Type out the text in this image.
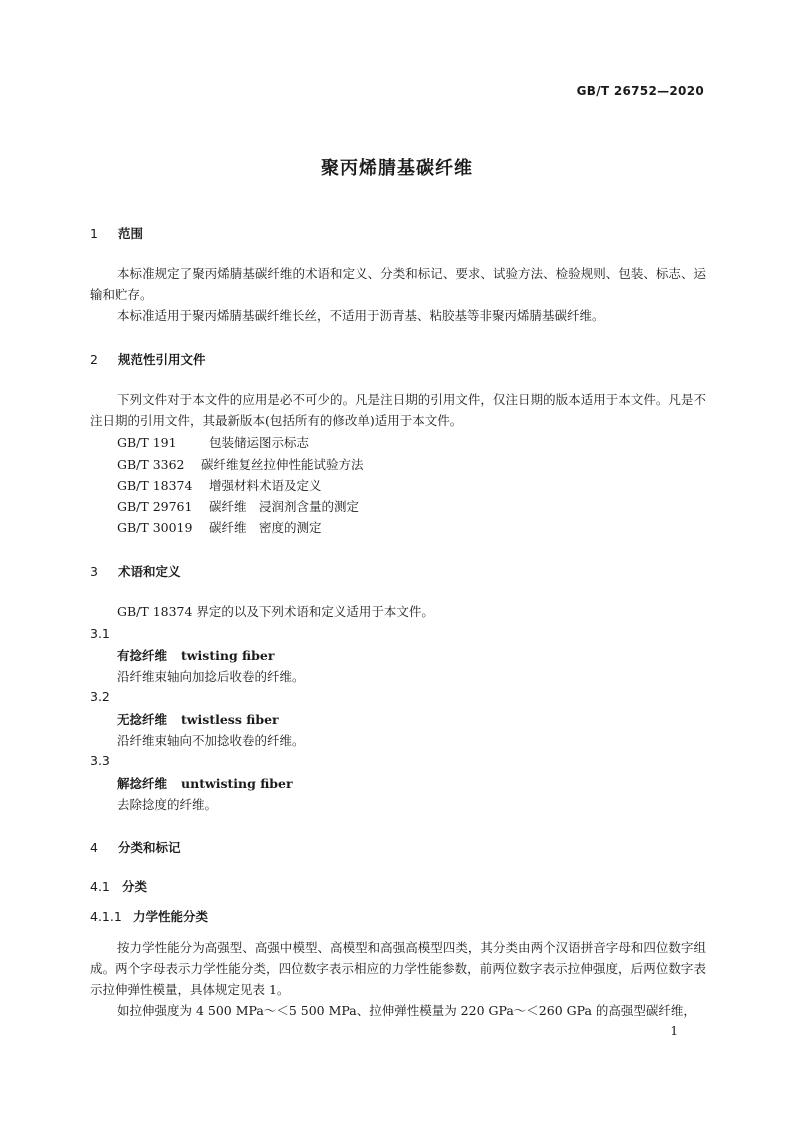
GB/T 26752—2020
聚丙烯腈基碳纤维
1 范围
本标准规定了聚丙烯腈基碳纤维的术语和定义、分类和标记、要求、试验方法、检验规则、包装、标志、运输和贮存。
本标准适用于聚丙烯腈基碳纤维长丝，不适用于沥青基、粘胶基等非聚丙烯腈基碳纤维。
2 规范性引用文件
下列文件对于本文件的应用是必不可少的。凡是注日期的引用文件，仅注日期的版本适用于本文件。凡是不注日期的引用文件，其最新版本(包括所有的修改单)适用于本文件。
GB/T 191	包装储运图示标志
GB/T 3362 碳纤维复丝拉伸性能试验方法
GB/T 18374 增强材料术语及定义
GB/T 29761 碳纤维　浸润剂含量的测定
GB/T 30019 碳纤维　密度的测定
3 术语和定义
GB/T 18374 界定的以及下列术语和定义适用于本文件。
3.1
有捻纤维 twisting fiber
沿纤维束轴向加捻后收卷的纤维。
3.2
无捻纤维 twistless fiber
沿纤维束轴向不加捻收卷的纤维。
3.3
解捻纤维 untwisting fiber
去除捻度的纤维。
4 分类和标记
4.1 分类
4.1.1 力学性能分类
按力学性能分为高强型、高强中模型、高模型和高强高模型四类，其分类由两个汉语拼音字母和四位数字组成。两个字母表示力学性能分类，四位数字表示相应的力学性能参数，前两位数字表示拉伸强度，后两位数字表示拉伸弹性模量，具体规定见表 1。
如拉伸强度为 4 500 MPa～＜5 500 MPa、拉伸弹性模量为 220 GPa～＜260 GPa 的高强型碳纤维，
1
